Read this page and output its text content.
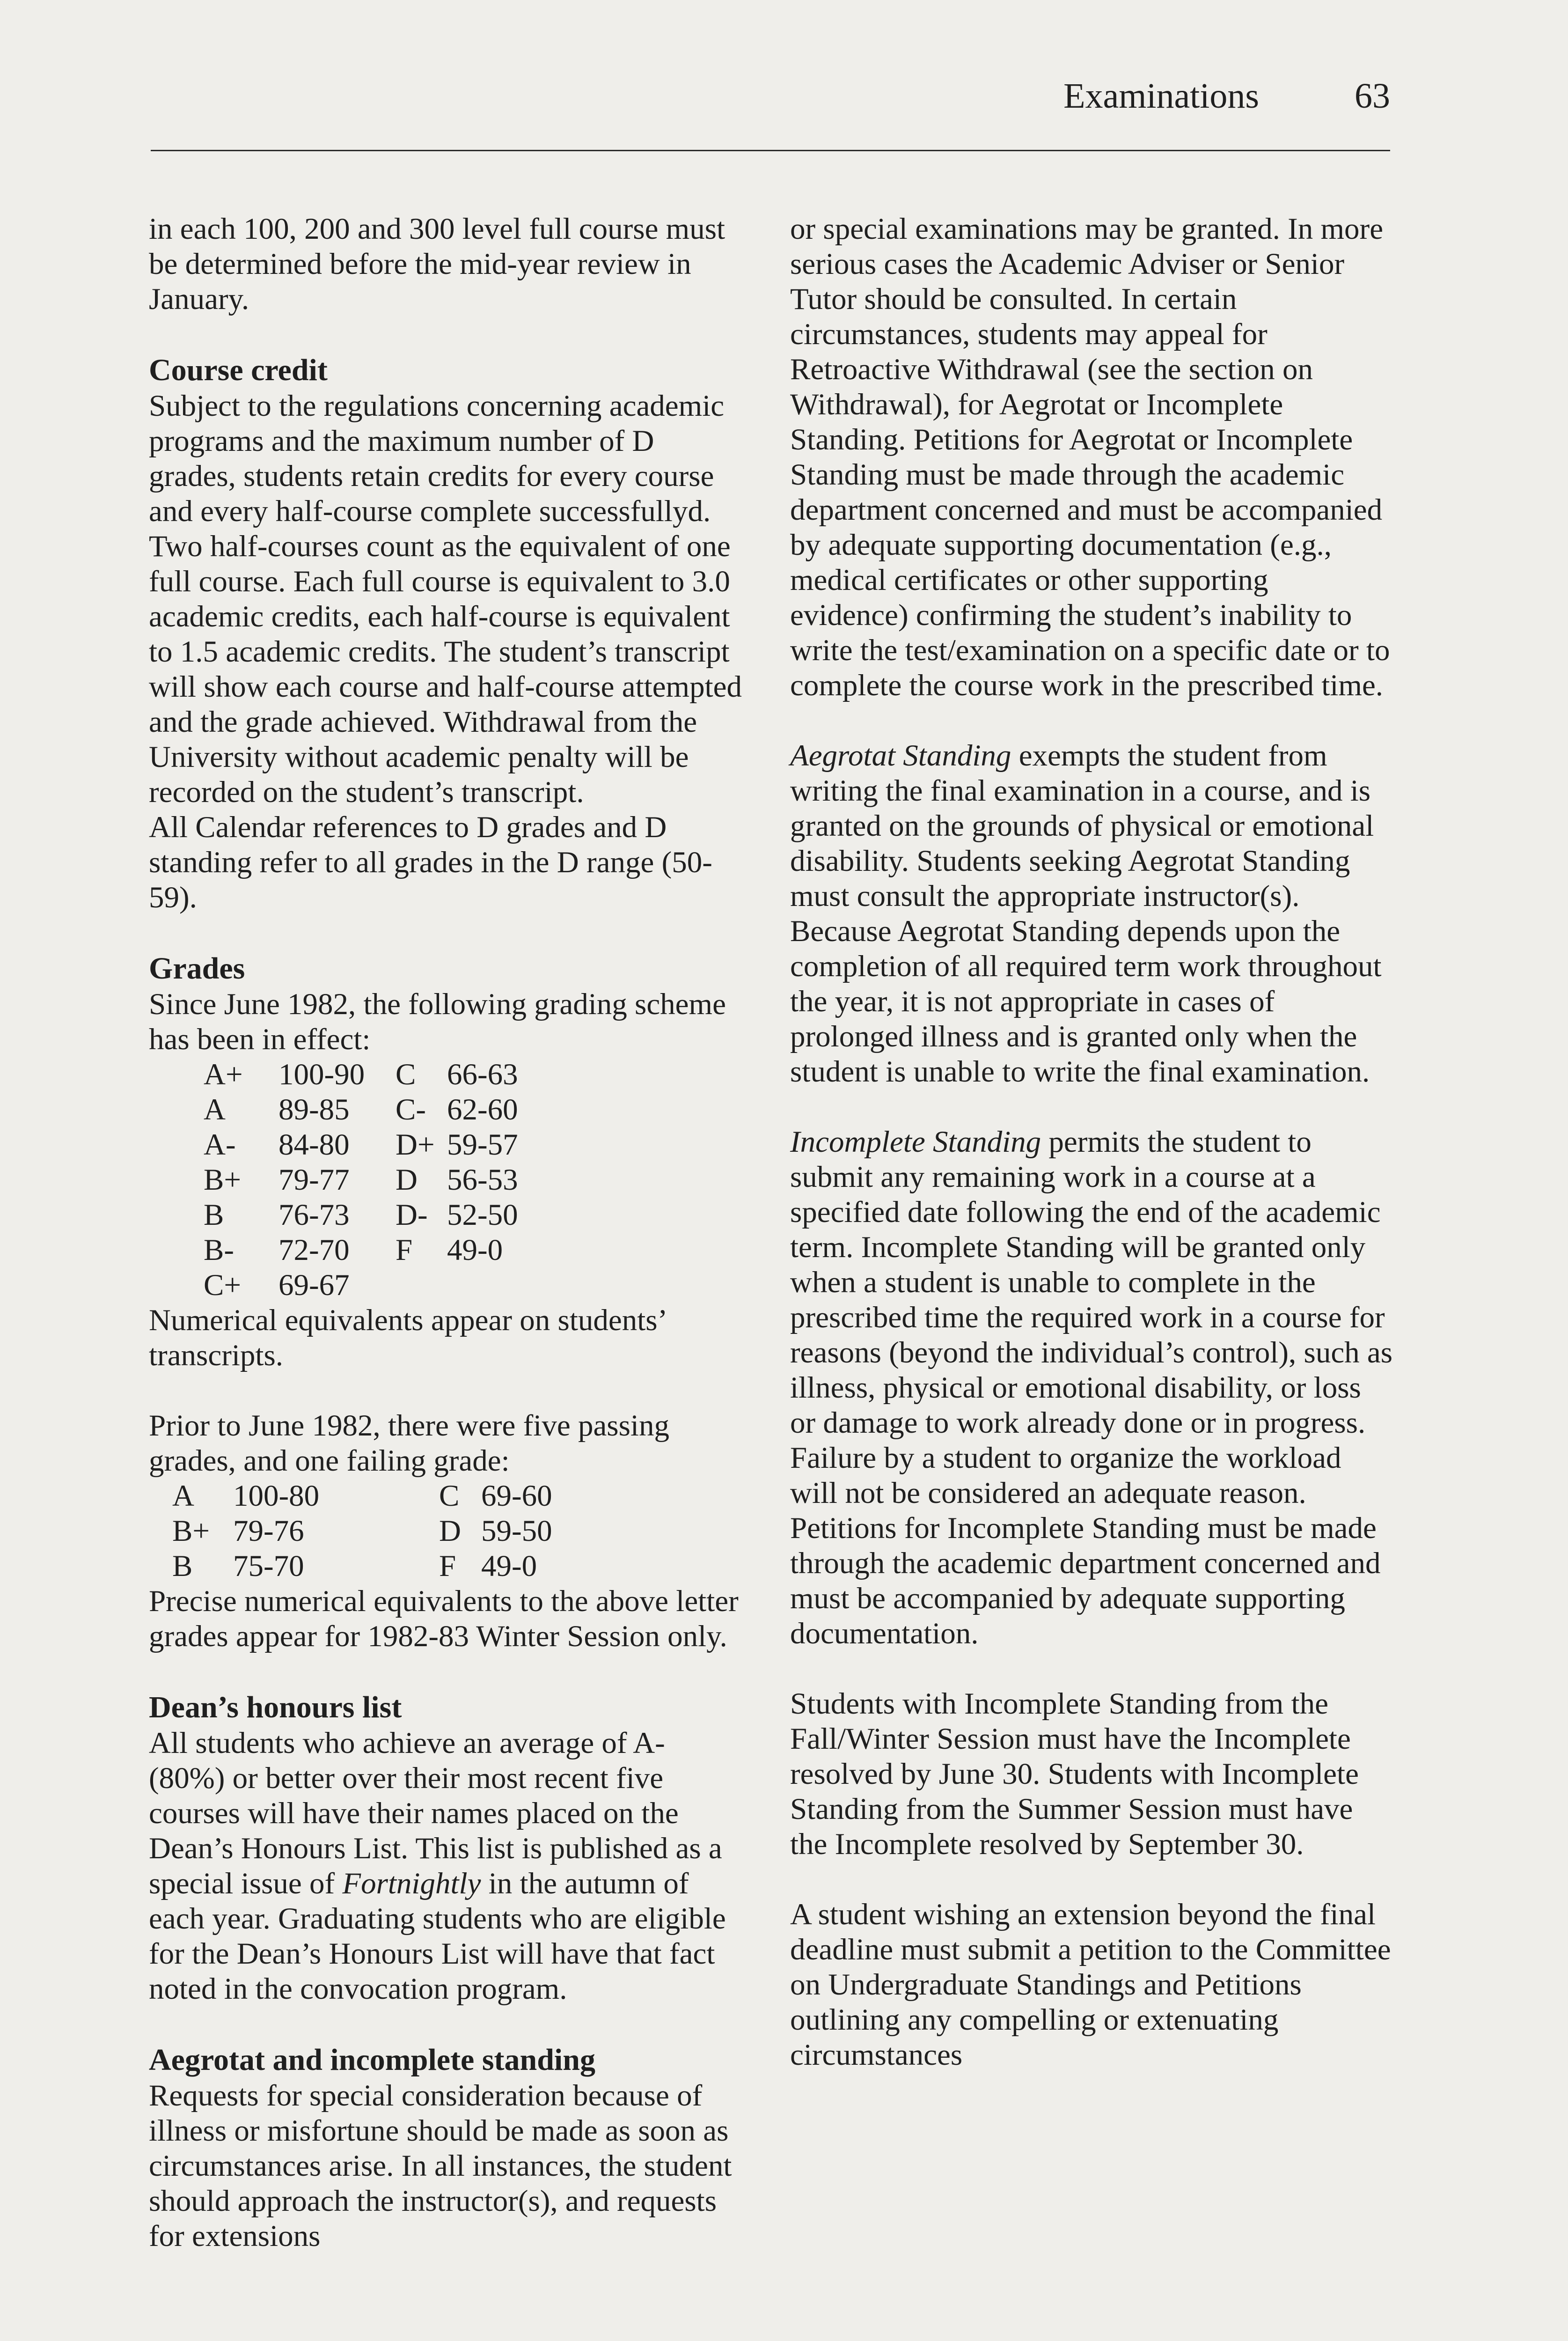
Examinations	63

in each 100, 200 and 300 level full course must be determined before the mid-year review in January.

Course credit

Subject to the regulations concerning academic programs and the maximum number of D grades, students retain credits for every course and every half-course complete successfullyd. Two half-courses count as the equivalent of one full course. Each full course is equivalent to 3.0 academic credits, each half-course is equivalent to 1.5 academic credits. The student’s transcript will show each course and half-course attempted and the grade achieved. Withdrawal from the University without academic penalty will be recorded on the student’s transcript.

All Calendar references to D grades and D standing refer to all grades in the D range (50-59).

Grades

Since June 1982, the following grading scheme has been in effect:

A+	100-90	C	66-63
A	89-85	C-	62-60
A-	84-80	D+	59-57
B+	79-77	D	56-53
B	76-73	D-	52-50
B-	72-70	F	49-0
C+	69-67		

Numerical equivalents appear on students’ transcripts.

Prior to June 1982, there were five passing grades, and one failing grade:

A	100-80	C	69-60
B+	79-76	D	59-50
B	75-70	F	49-0

Precise numerical equivalents to the above letter grades appear for 1982-83 Winter Session only.

Dean’s honours list

All students who achieve an average of A- (80%) or better over their most recent five courses will have their names placed on the Dean’s Honours List. This list is published as a special issue of Fortnightly in the autumn of each year. Graduating students who are eligible for the Dean’s Honours List will have that fact noted in the convocation program.

Aegrotat and incomplete standing

Requests for special consideration because of illness or misfortune should be made as soon as circumstances arise. In all instances, the student should approach the instructor(s), and requests for extensions

or special examinations may be granted. In more serious cases the Academic Adviser or Senior Tutor should be consulted. In certain circumstances, students may appeal for Retroactive Withdrawal (see the section on Withdrawal), for Aegrotat or Incomplete Standing. Petitions for Aegrotat or Incomplete Standing must be made through the academic department concerned and must be accompanied by adequate supporting documentation (e.g., medical certificates or other supporting evidence) confirming the student’s inability to write the test/examination on a specific date or to complete the course work in the prescribed time.

Aegrotat Standing exempts the student from writing the final examination in a course, and is granted on the grounds of physical or emotional disability. Students seeking Aegrotat Standing must consult the appropriate instructor(s). Because Aegrotat Standing depends upon the completion of all required term work throughout the year, it is not appropriate in cases of prolonged illness and is granted only when the student is unable to write the final examination.

Incomplete Standing permits the student to submit any remaining work in a course at a specified date following the end of the academic term. Incomplete Standing will be granted only when a student is unable to complete in the prescribed time the required work in a course for reasons (beyond the individual’s control), such as illness, physical or emotional disability, or loss or damage to work already done or in progress. Failure by a student to organize the workload will not be considered an adequate reason. Petitions for Incomplete Standing must be made through the academic department concerned and must be accompanied by adequate supporting documentation.

Students with Incomplete Standing from the Fall/Winter Session must have the Incomplete resolved by June 30. Students with Incomplete Standing from the Summer Session must have the Incomplete resolved by September 30.

A student wishing an extension beyond the final deadline must submit a petition to the Committee on Undergraduate Standings and Petitions outlining any compelling or extenuating circumstances
